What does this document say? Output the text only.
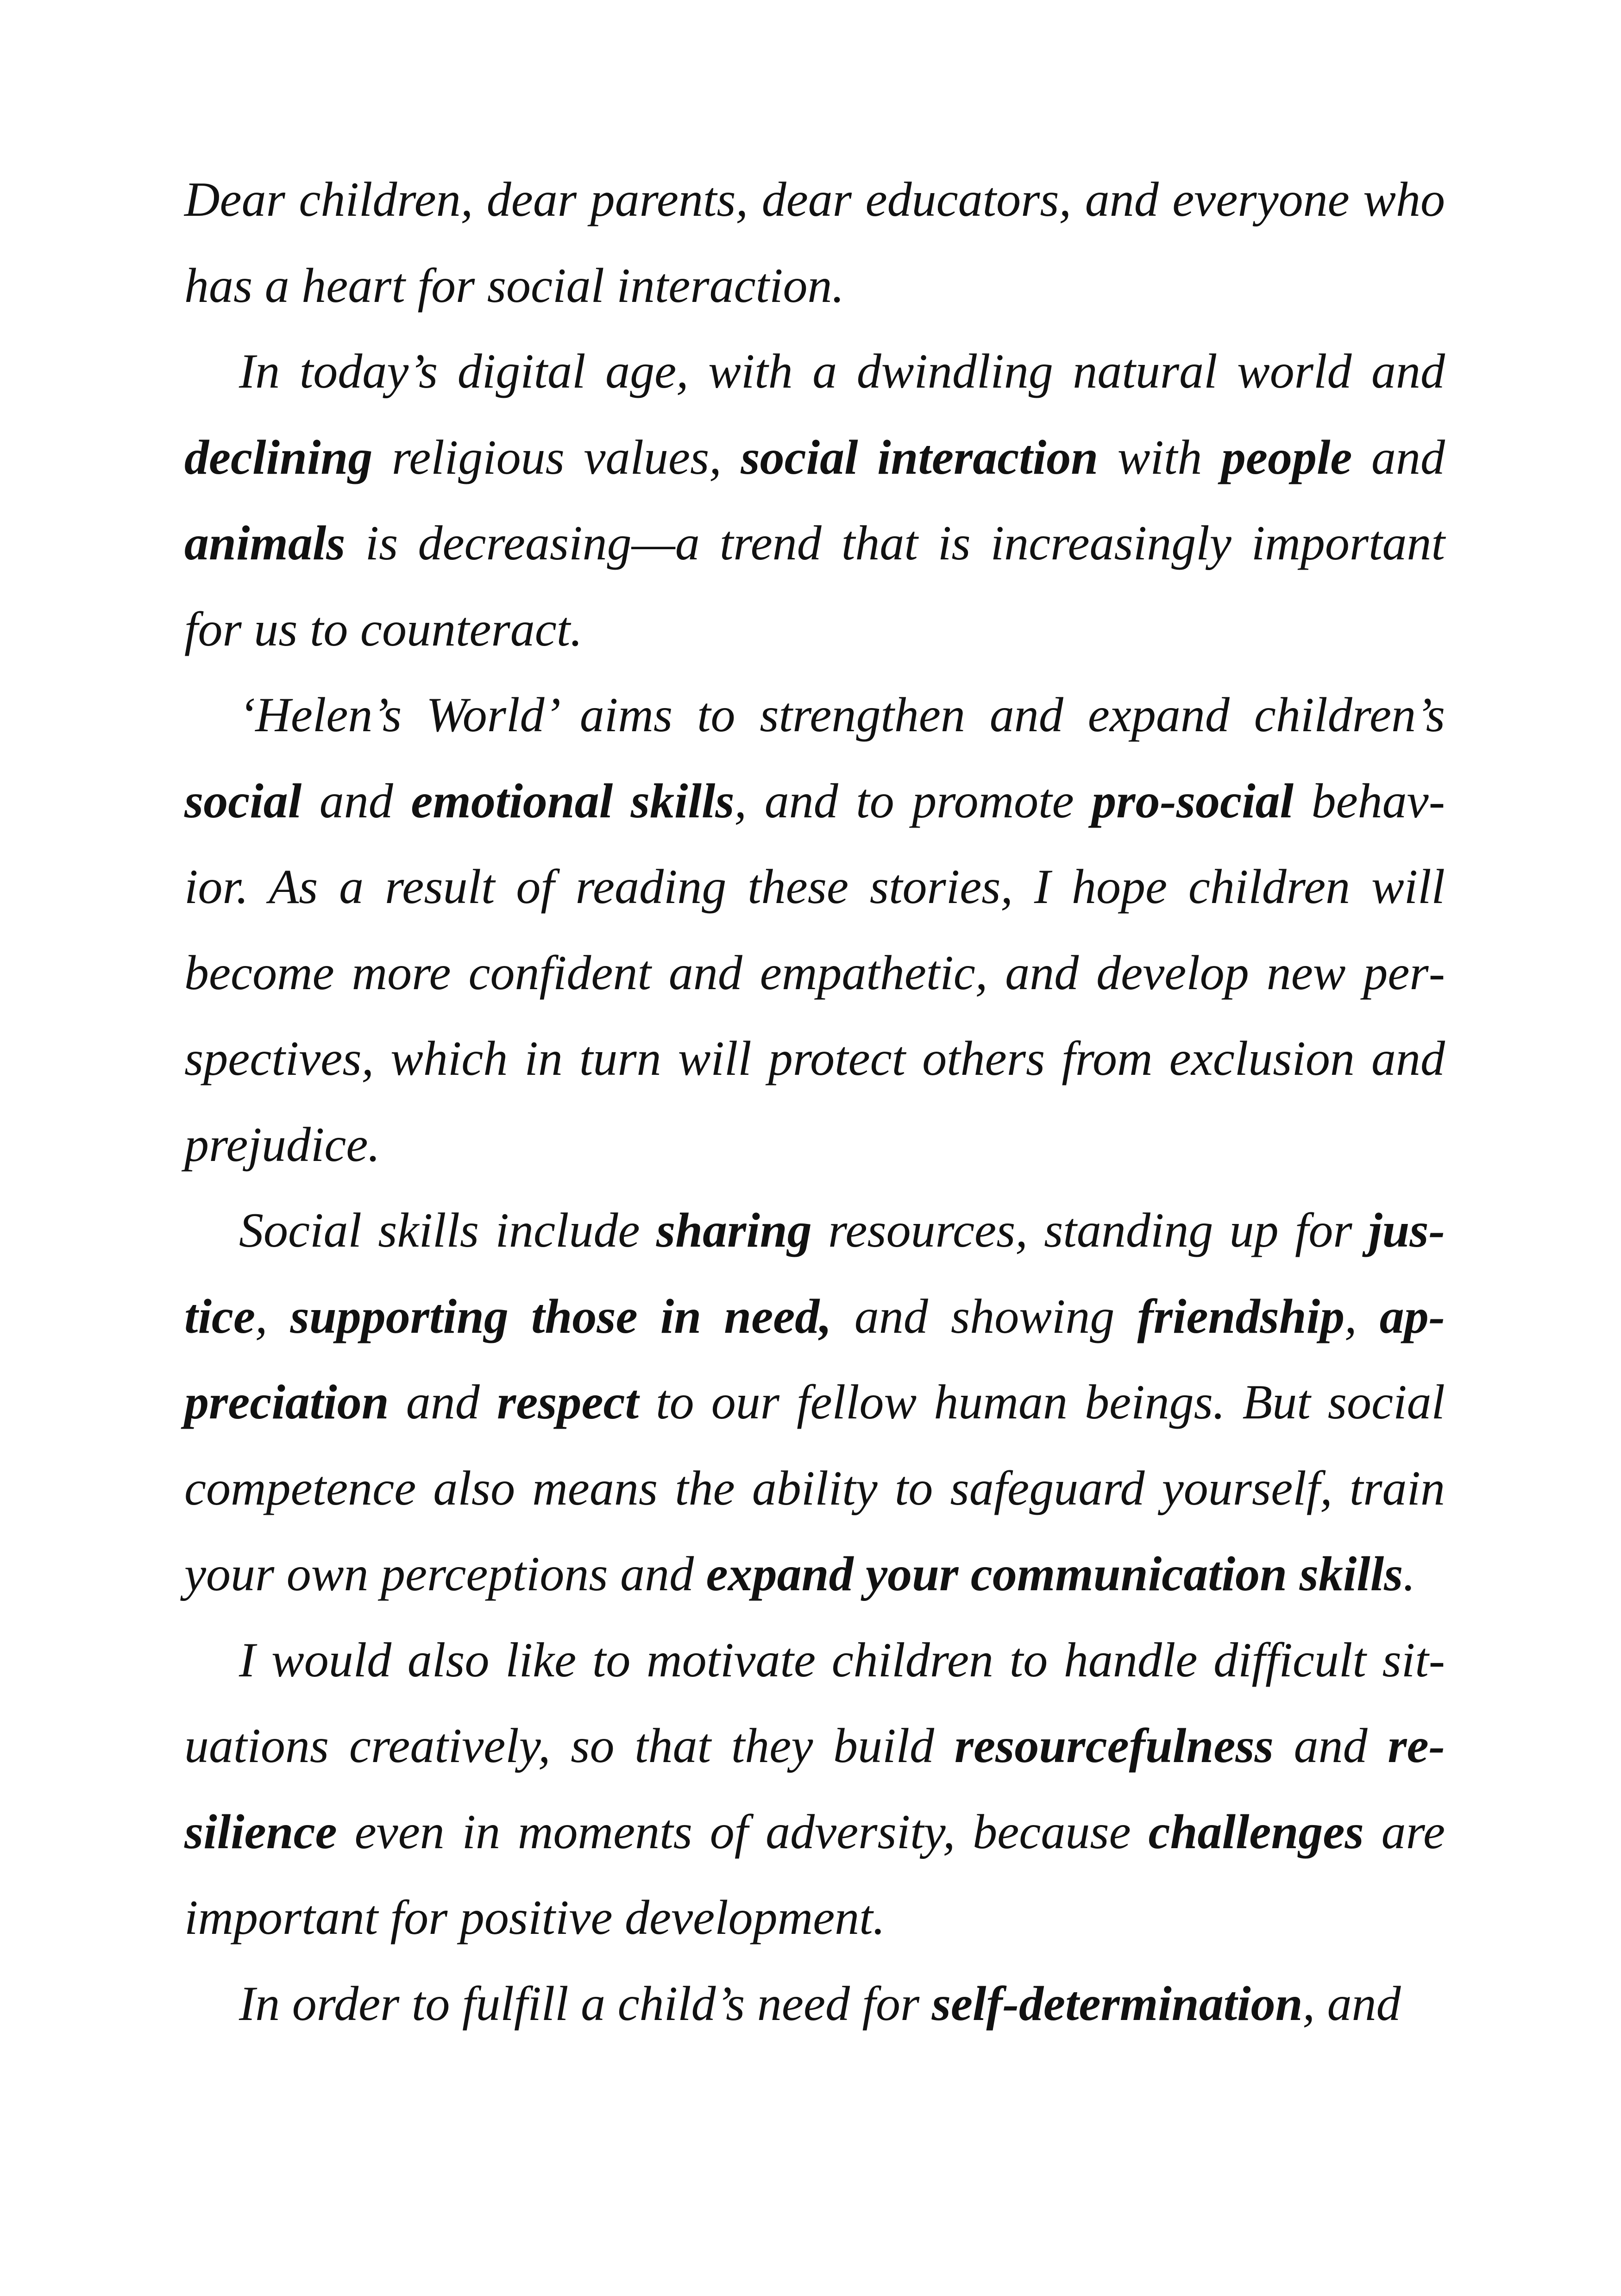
Dear children, dear parents, dear educators, and everyone who has a heart for social interaction.

In today’s digital age, with a dwindling natural world and declining religious values, social interaction with people and animals is decreasing—a trend that is increasingly important for us to counteract.

‘Helen’s World’ aims to strengthen and expand children’s social and emotional skills, and to promote pro-social behavior. As a result of reading these stories, I hope children will become more confident and empathetic, and develop new perspectives, which in turn will protect others from exclusion and prejudice.

Social skills include sharing resources, standing up for justice, supporting those in need, and showing friendship, appreciation and respect to our fellow human beings. But social competence also means the ability to safeguard yourself, train your own perceptions and expand your communication skills.

I would also like to motivate children to handle difficult situations creatively, so that they build resourcefulness and resilience even in moments of adversity, because challenges are important for positive development.

In order to fulfill a child’s need for self-determination, and
